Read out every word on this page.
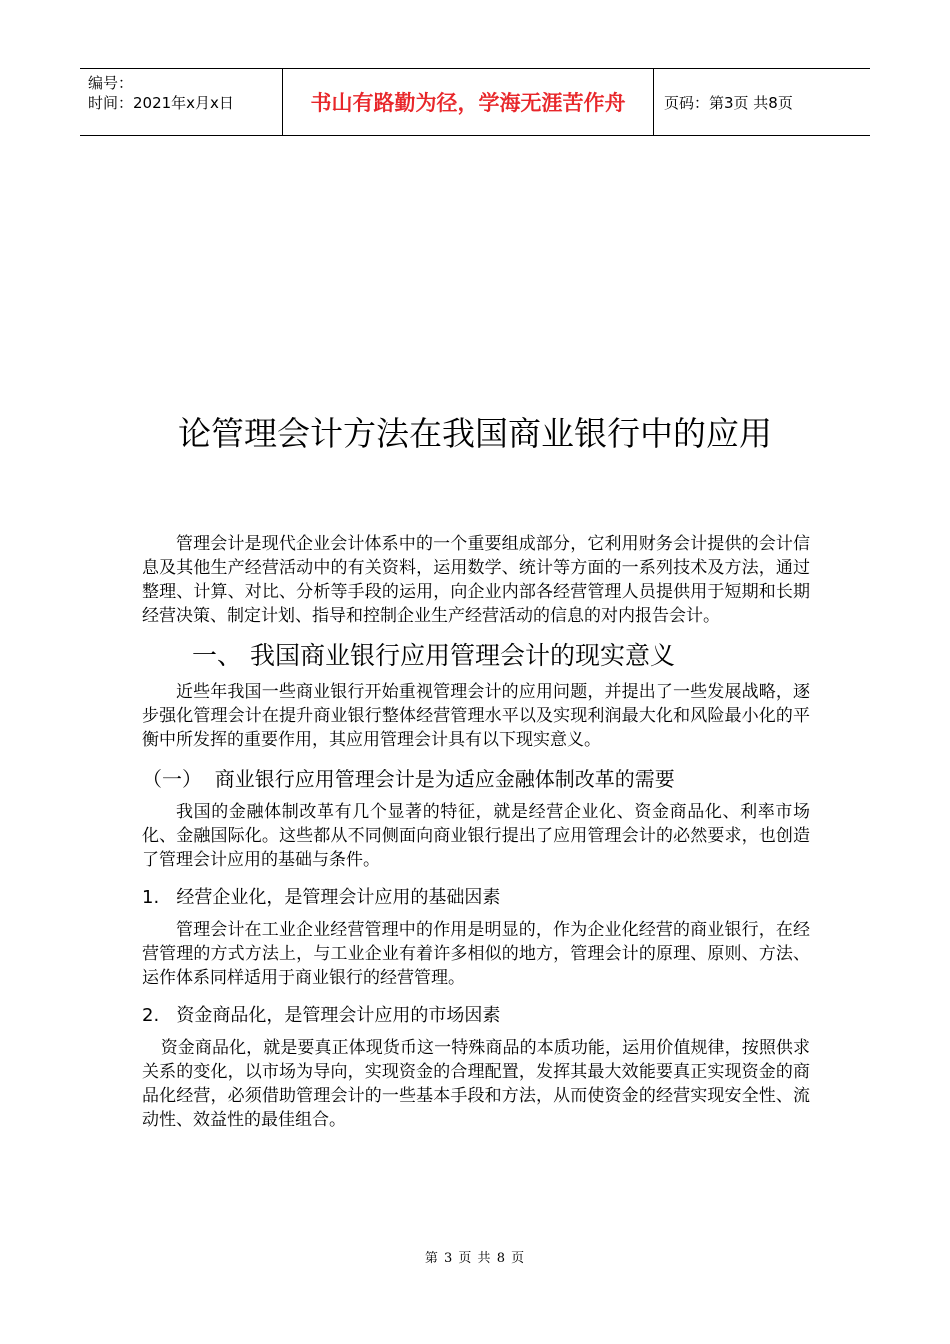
编号：
时间：2021年x月x日	书山有路勤为径，学海无涯苦作舟	页码：第3页 共8页
论管理会计方法在我国商业银行中的应用

管理会计是现代企业会计体系中的一个重要组成部分，它利用财务会计提供的会计信息及其他生产经营活动中的有关资料，运用数学、统计等方面的一系列技术及方法，通过整理、计算、对比、分析等手段的运用，向企业内部各经营管理人员提供用于短期和长期经营决策、制定计划、指导和控制企业生产经营活动的信息的对内报告会计。

一、 我国商业银行应用管理会计的现实意义

近些年我国一些商业银行开始重视管理会计的应用问题，并提出了一些发展战略，逐步强化管理会计在提升商业银行整体经营管理水平以及实现利润最大化和风险最小化的平衡中所发挥的重要作用，其应用管理会计具有以下现实意义。

（一）  商业银行应用管理会计是为适应金融体制改革的需要

我国的金融体制改革有几个显著的特征，就是经营企业化、资金商品化、利率市场化、金融国际化。这些都从不同侧面向商业银行提出了应用管理会计的必然要求，也创造了管理会计应用的基础与条件。

1.   经营企业化，是管理会计应用的基础因素

管理会计在工业企业经营管理中的作用是明显的，作为企业化经营的商业银行，在经营管理的方式方法上，与工业企业有着许多相似的地方，管理会计的原理、原则、方法、运作体系同样适用于商业银行的经营管理。

2.   资金商品化，是管理会计应用的市场因素

资金商品化，就是要真正体现货币这一特殊商品的本质功能，运用价值规律，按照供求关系的变化，以市场为导向，实现资金的合理配置，发挥其最大效能要真正实现资金的商品化经营，必须借助管理会计的一些基本手段和方法，从而使资金的经营实现安全性、流动性、效益性的最佳组合。

第 3 页 共 8 页
